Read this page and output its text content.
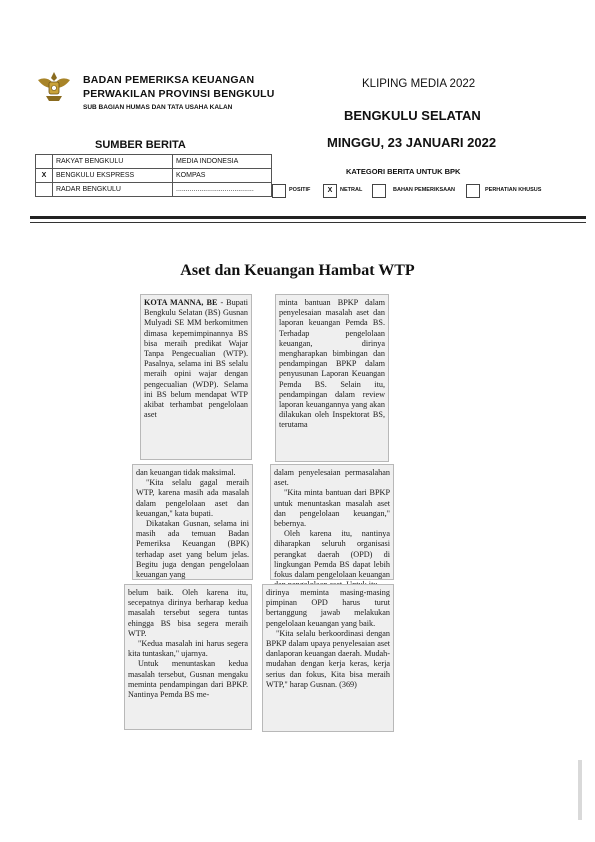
BADAN PEMERIKSA KEUANGAN
PERWAKILAN PROVINSI BENGKULU
SUB BAGIAN HUMAS DAN TATA USAHA KALAN
KLIPING MEDIA 2022
BENGKULU SELATAN
MINGGU, 23 JANUARI 2022
SUMBER BERITA
	RAKYAT BENGKULU	MEDIA INDONESIA
X	BENGKULU EKSPRESS	KOMPAS
	RADAR BENGKULU	........................................
KATEGORI BERITA UNTUK BPK
POSITIF	X	NETRAL	BAHAN PEMERIKSAAN	PERHATIAN KHUSUS
Aset dan Keuangan Hambat WTP

KOTA MANNA, BE - Bupati Bengkulu Selatan (BS) Gusnan Mulyadi SE MM berkomitmen dimasa kepemimpinannya BS bisa meraih predikat Wajar Tanpa Pengecualian (WTP). Pasalnya, selama ini BS selalu meraih opini wajar dengan pengecualian (WDP). Selama ini BS belum mendapat WTP akibat terhambat pengelolaan aset

dan keuangan tidak maksimal.

"Kita selalu gagal meraih WTP, karena masih ada masalah dalam pengelolaan aset dan keuangan," kata bupati.

Dikatakan Gusnan, selama ini masih ada temuan Badan Pemeriksa Keuangan (BPK) terhadap aset yang belum jelas. Begitu juga dengan pengelolaan keuangan yang

belum baik. Oleh karena itu, secepatnya dirinya berharap kedua masalah tersebut segera tuntas ehingga BS bisa segera meraih WTP.

"Kedua masalah ini harus segera kita tuntaskan," ujarnya.

Untuk menuntaskan kedua masalah tersebut, Gusnan mengaku meminta pendampingan dari BPKP. Nantinya Pemda BS me-

minta bantuan BPKP dalam penyelesaian masalah aset dan laporan keuangan Pemda BS. Terhadap pengelolaan keuangan, dirinya mengharapkan bimbingan dan pendampingan BPKP dalam penyusunan Laporan Keuangan Pemda BS. Selain itu, pendampingan dalam review laporan keuangannya yang akan dilakukan oleh Inspektorat BS, terutama

dalam penyelesaian permasalahan aset.

"Kita minta bantuan dari BPKP untuk menuntaskan masalah aset dan pengelolaan keuangan," bebernya.

Oleh karena itu, nantinya diharapkan seluruh organisasi perangkat daerah (OPD) di lingkungan Pemda BS dapat lebih fokus dalam pengelolaan keuangan

dirinya meminta masing-masing pimpinan OPD harus turut bertanggung jawab melakukan pengelolaan keuangan yang baik.

"Kita selalu berkoordinasi dengan BPKP dalam upaya penyelesaian aset danlaporan keuangan daerah. Mudah-mudahan dengan kerja keras, kerja serius dan fokus, Kita bisa meraih WTP," harap Gusnan. (369)
